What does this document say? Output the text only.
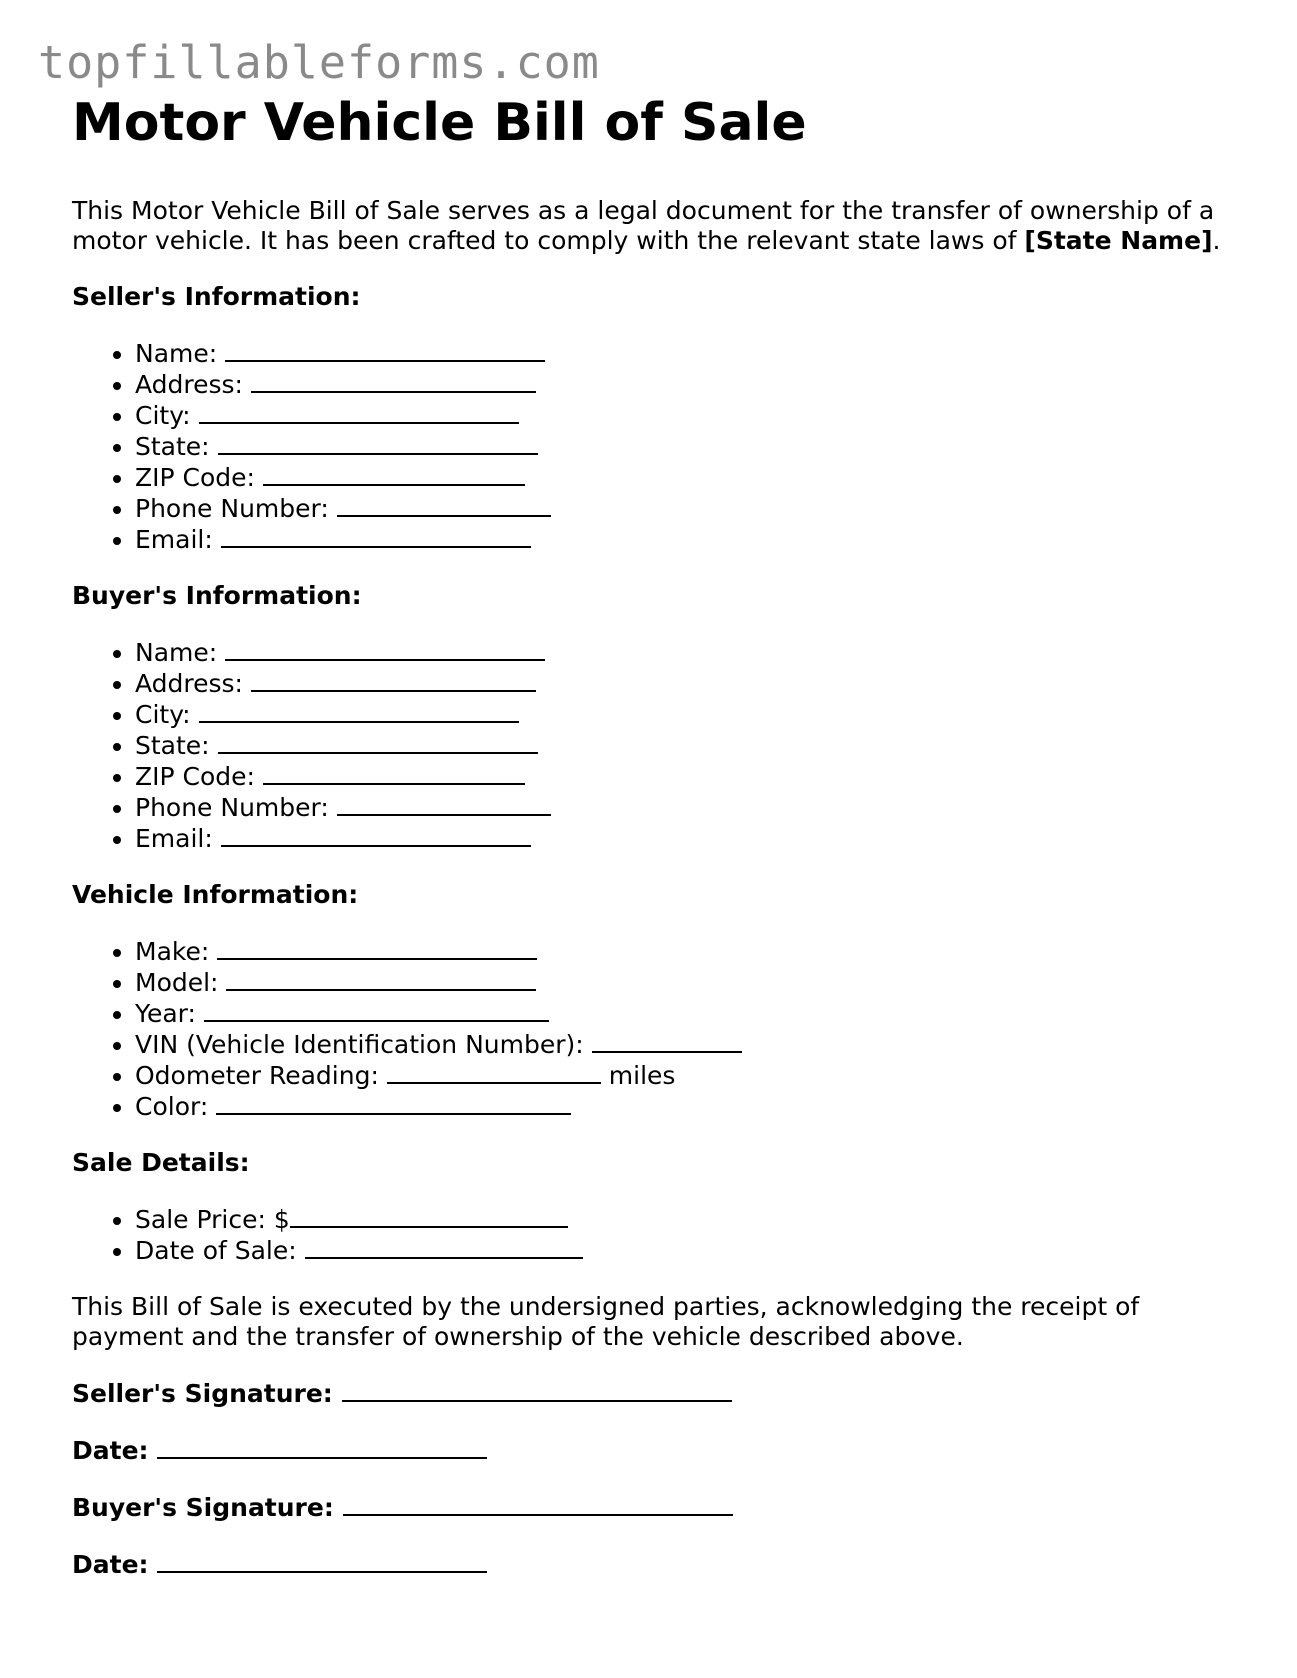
topfillableforms.com
Motor Vehicle Bill of Sale

This Motor Vehicle Bill of Sale serves as a legal document for the transfer of ownership of a motor vehicle. It has been crafted to comply with the relevant state laws of [State Name].

Seller's Information:
• Name:
• Address:
• City:
• State:
• ZIP Code:
• Phone Number:
• Email:
Buyer's Information:
• Name:
• Address:
• City:
• State:
• ZIP Code:
• Phone Number:
• Email:
Vehicle Information:
• Make:
• Model:
• Year:
• VIN (Vehicle Identification Number):
• Odometer Reading:	miles
• Color:
Sale Details:
• Sale Price: $
• Date of Sale:

This Bill of Sale is executed by the undersigned parties, acknowledging the receipt of payment and the transfer of ownership of the vehicle described above.

Seller's Signature:
Date:
Buyer's Signature:
Date:
